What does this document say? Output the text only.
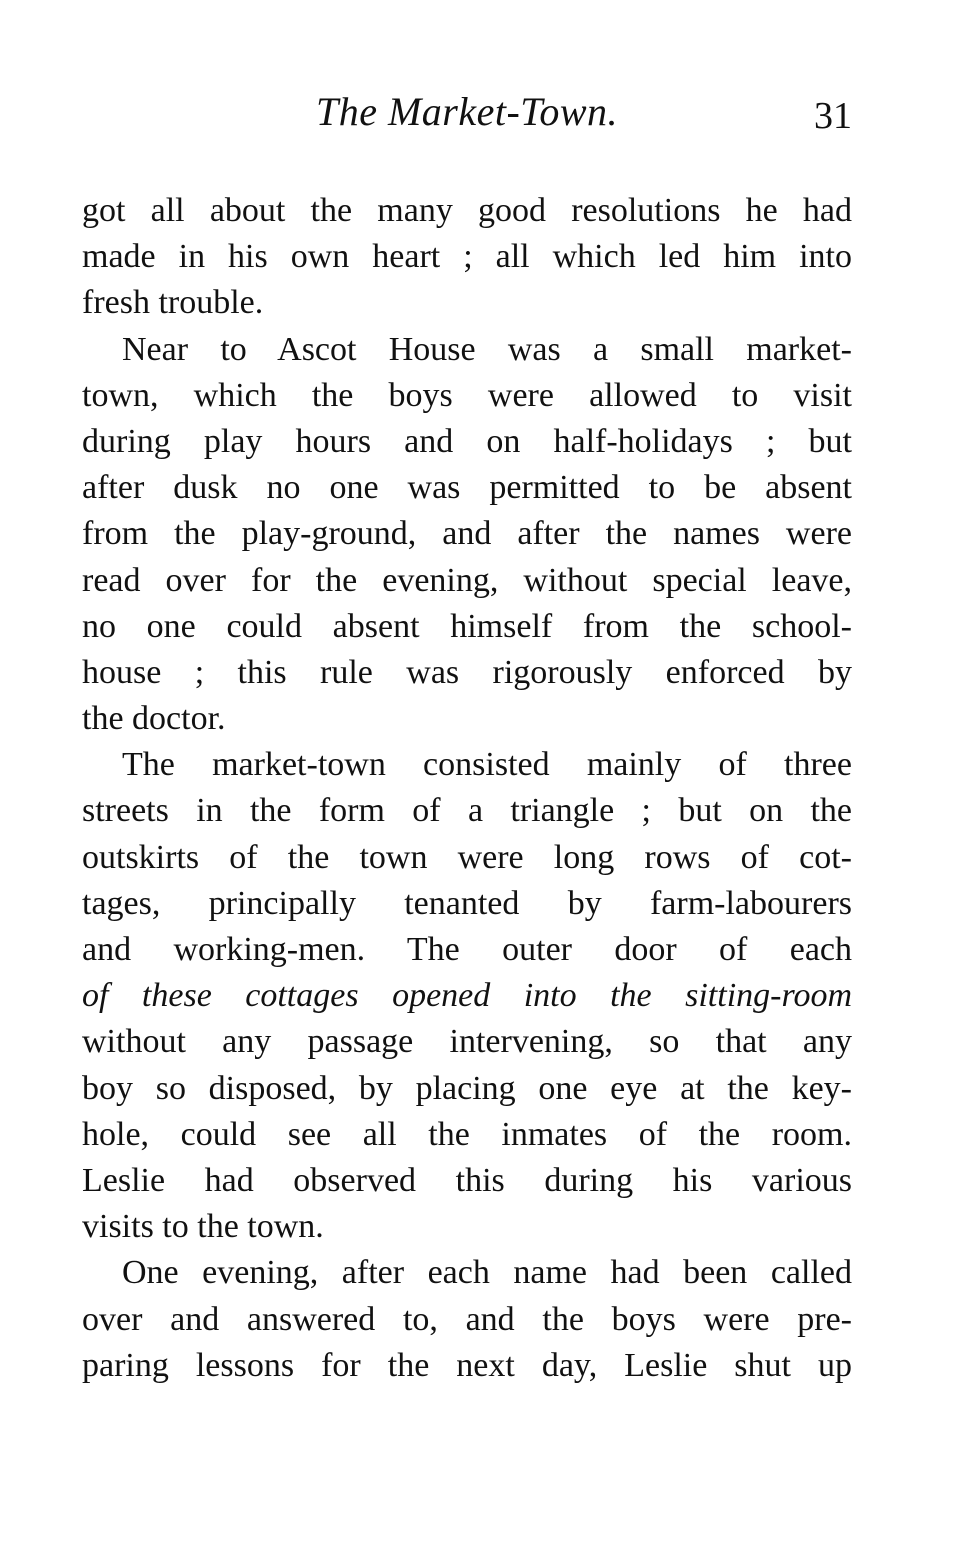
The Market-Town.	31
got all about the many good resolutions he had
made in his own heart ; all which led him into
fresh trouble.
Near to Ascot House was a small market-
town, which the boys were allowed to visit
during play hours and on half-holidays ; but
after dusk no one was permitted to be absent
from the play-ground, and after the names were
read over for the evening, without special leave,
no one could absent himself from the school-
house ; this rule was rigorously enforced by
the doctor.
The market-town consisted mainly of three
streets in the form of a triangle ; but on the
outskirts of the town were long rows of cot-
tages, principally tenanted by farm-labourers
and working-men. The outer door of each
of these cottages opened into the sitting-room
without any passage intervening, so that any
boy so disposed, by placing one eye at the key-
hole, could see all the inmates of the room.
Leslie had observed this during his various
visits to the town.
One evening, after each name had been called
over and answered to, and the boys were pre-
paring lessons for the next day, Leslie shut up
